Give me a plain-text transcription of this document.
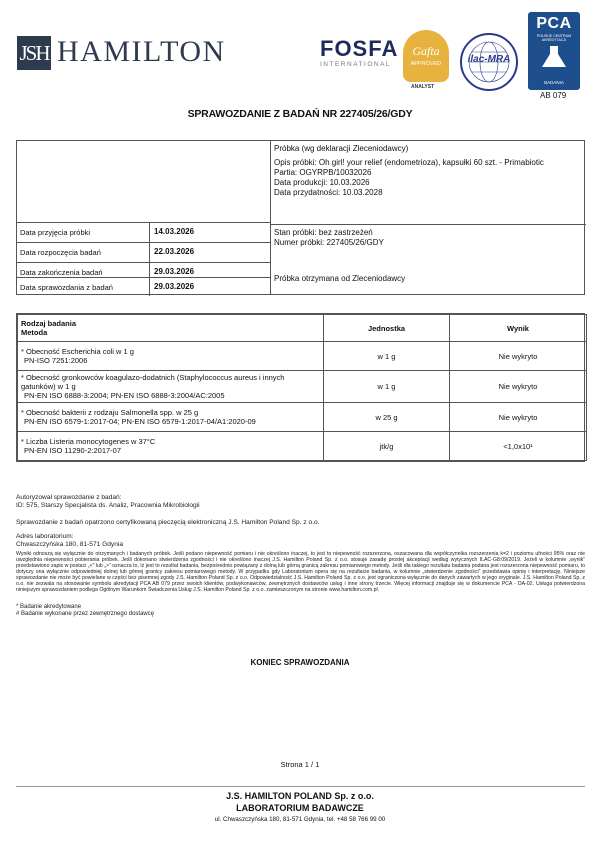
JSH HAMILTON	FOSFA
INTERNATIONAL
Gafta
APPROVED
ANALYST
ilac-MRA
PCA
POLSKIE CENTRUM AKREDYTACJI
BADANIA
AB 079
SPRAWOZDANIE Z BADAŃ NR 227405/26/GDY
Data przyjęcia próbki	14.03.2026
Data rozpoczęcia badań	22.03.2026
Data zakończenia badań	29.03.2026
Data sprawozdania z badań	29.03.2026
Próbka (wg deklaracji Zleceniodawcy)
Opis próbki: Oh girl! your relief (endometrioza), kapsułki 60 szt. - Primabiotic
Partia: OGYRPB/10032026
Data produkcji: 10.03.2026
Data przydatności: 10.03.2028
Stan próbki: bez zastrzeżeń
Numer próbki: 227405/26/GDY
Próbka otrzymana od Zleceniodawcy
Rodzaj badania
Metoda	Jednostka	Wynik

* Obecność Escherichia coli w 1 g
PN-ISO 7251:2006	w 1 g	Nie wykryto

* Obecność gronkowców koagulazo-dodatnich (Staphylococcus aureus i innych gatunków) w 1 g
PN-EN ISO 6888-3:2004; PN-EN ISO 6888-3:2004/AC:2005	w 1 g	Nie wykryto

* Obecność bakterii z rodzaju Salmonella spp. w 25 g
PN-EN ISO 6579-1:2017-04; PN-EN ISO 6579-1:2017-04/A1:2020-09	w 25 g	Nie wykryto

* Liczba Listeria monocytogenes w 37°C
PN-EN ISO 11290-2:2017-07	jtk/g	<1,0x10¹
Autoryzował sprawozdanie z badań:
ID: 575, Starszy Specjalista ds. Analiz, Pracownia Mikrobiologii
Sprawozdanie z badań opatrzono certyfikowaną pieczęcią elektroniczną J.S. Hamilton Poland Sp. z o.o.
Adres laboratorium:
Chwaszczyńska 180, 81-571 Gdynia
Wyniki odnoszą się wyłącznie do otrzymanych i badanych próbek. Jeśli podano niepewność pomiaru i nie określono inaczej, to jest to niepewność rozszerzona, oszacowana dla współczynnika rozszerzenia k=2 i poziomu ufności 95% oraz nie uwzględnia niepewności pobierania próbek. Jeśli dokonano stwierdzenia zgodności i nie określono inaczej J.S. Hamilton Poland Sp. z o.o. stosuje zasadę prostej akceptacji według wytycznych ILAC-G8:09/2019. Jeżeli w kolumnie „wynik” przedstawiono zapis w postaci „<” lub „>” oznacza to, iż jest to rezultat badania, bezpośrednio powiązany z dolną lub górną granicą zakresu pomiarowego metody. Jeśli dla takiego rezultatu badania podana jest rozszerzona niepewność pomiaru, to dotyczy ona wyłącznie odpowiedniej dolnej lub górnej granicy zakresu pomiarowego metody. W przypadku gdy Laboratorium opera się na rezultacie badania, w kolumnie „stwierdzenie zgodności” przedstawia opinię i interpretację. Niniejsze sprawozdanie nie może być powielane w części bez pisemnej zgody J.S. Hamilton Poland Sp. z o.o. Odpowiedzialność J.S. Hamilton Poland Sp. z o.o. jest ograniczona wyłącznie do danych zawartych w jego oryginale. J.S. Hamilton Poland Sp. z o.o. nie zezwala na stosowanie symbolu akredytacji PCA AB 079 przez swoich klientów, podwykonawców, zewnętrznych dostawców usług i inne strony trzecie. Więcej informacji znajduje się w dokumencie PCA - DA-02. Usługa potwierdzona niniejszym sprawozdaniem podlega Ogólnym Warunkom Świadczenia Usług J.S. Hamilton Poland Sp. z o.o. zamieszczonym na stronie www.hamilton.com.pl.
* Badanie akredytowane
# Badanie wykonane przez zewnętrznego dostawcę
KONIEC SPRAWOZDANIA
Strona 1 / 1
J.S. HAMILTON POLAND Sp. z o.o.
LABORATORIUM BADAWCZE
ul. Chwaszczyńska 180, 81-571 Gdynia, tel. +48 58 766 99 00
